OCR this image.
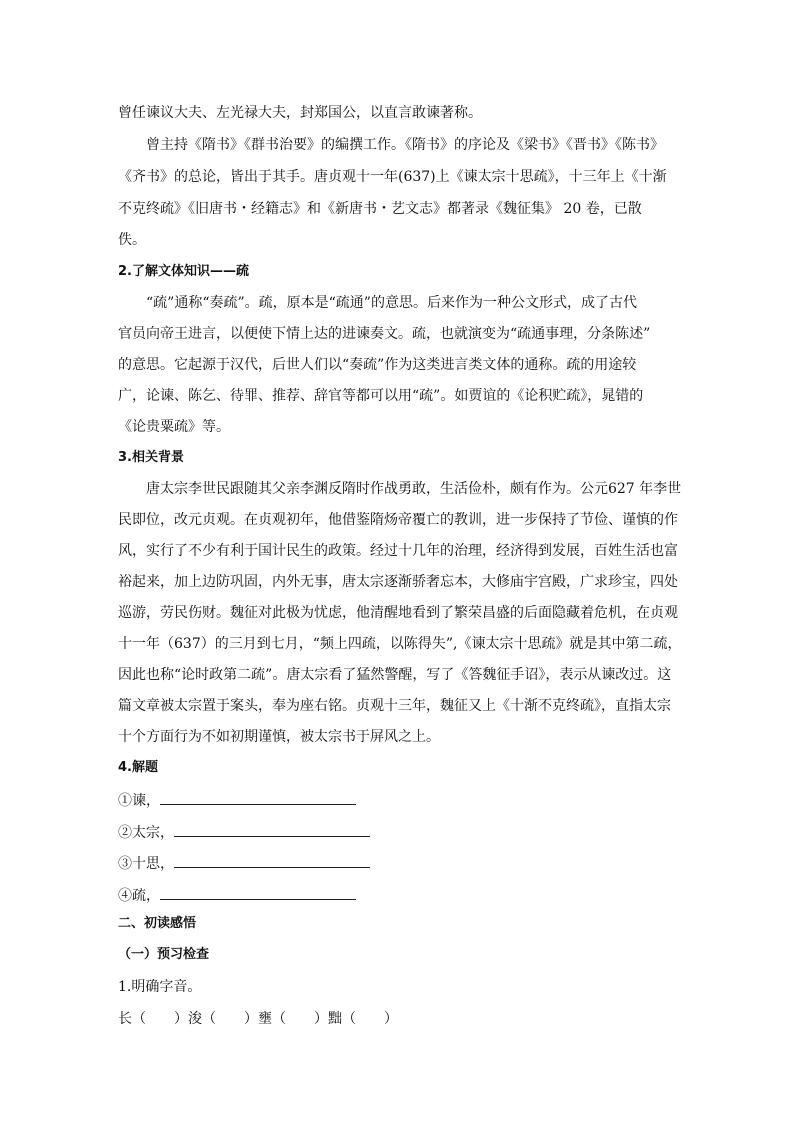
曾任谏议大夫、左光禄大夫，封郑国公，以直言敢谏著称。
曾主持《隋书》《群书治要》的编撰工作。《隋书》的序论及《梁书》《晋书》《陈书》
《齐书》的总论，皆出于其手。唐贞观十一年(637)上《谏太宗十思疏》，十三年上《十渐
不克终疏》《旧唐书・经籍志》和《新唐书・艺文志》都著录《魏征集》 20 卷，已散
佚。
2.了解文体知识——疏
“疏”通称“奏疏”。疏，原本是“疏通”的意思。后来作为一种公文形式，成了古代
官员向帝王进言，以便使下情上达的进谏奏文。疏，也就演变为“疏通事理，分条陈述”
的意思。它起源于汉代，后世人们以“奏疏”作为这类进言类文体的通称。疏的用途较
广，论谏、陈乞、待罪、推荐、辞官等都可以用“疏”。如贾谊的《论积贮疏》，晁错的
《论贵粟疏》等。
3.相关背景
唐太宗李世民跟随其父亲李渊反隋时作战勇敢，生活俭朴，颇有作为。公元627 年李世
民即位，改元贞观。在贞观初年，他借鉴隋炀帝覆亡的教训，进一步保持了节俭、谨慎的作
风，实行了不少有利于国计民生的政策。经过十几年的治理，经济得到发展，百姓生活也富
裕起来，加上边防巩固，内外无事，唐太宗逐渐骄奢忘本，大修庙宇宫殿，广求珍宝，四处
巡游，劳民伤财。魏征对此极为忧虑，他清醒地看到了繁荣昌盛的后面隐藏着危机，在贞观
十一年（637）的三月到七月，“频上四疏，以陈得失”,《谏太宗十思疏》就是其中第二疏，
因此也称“论时政第二疏”。唐太宗看了猛然警醒，写了《答魏征手诏》，表示从谏改过。这
篇文章被太宗置于案头，奉为座右铭。贞观十三年，魏征又上《十渐不克终疏》，直指太宗
十个方面行为不如初期谨慎，被太宗书于屏风之上。
4.解题
①谏，
②太宗，
③十思，
④疏，
二、初读感悟
（一）预习检查
1.明确字音。
长（　　）浚（　　）壅（　　）黜（　　）
